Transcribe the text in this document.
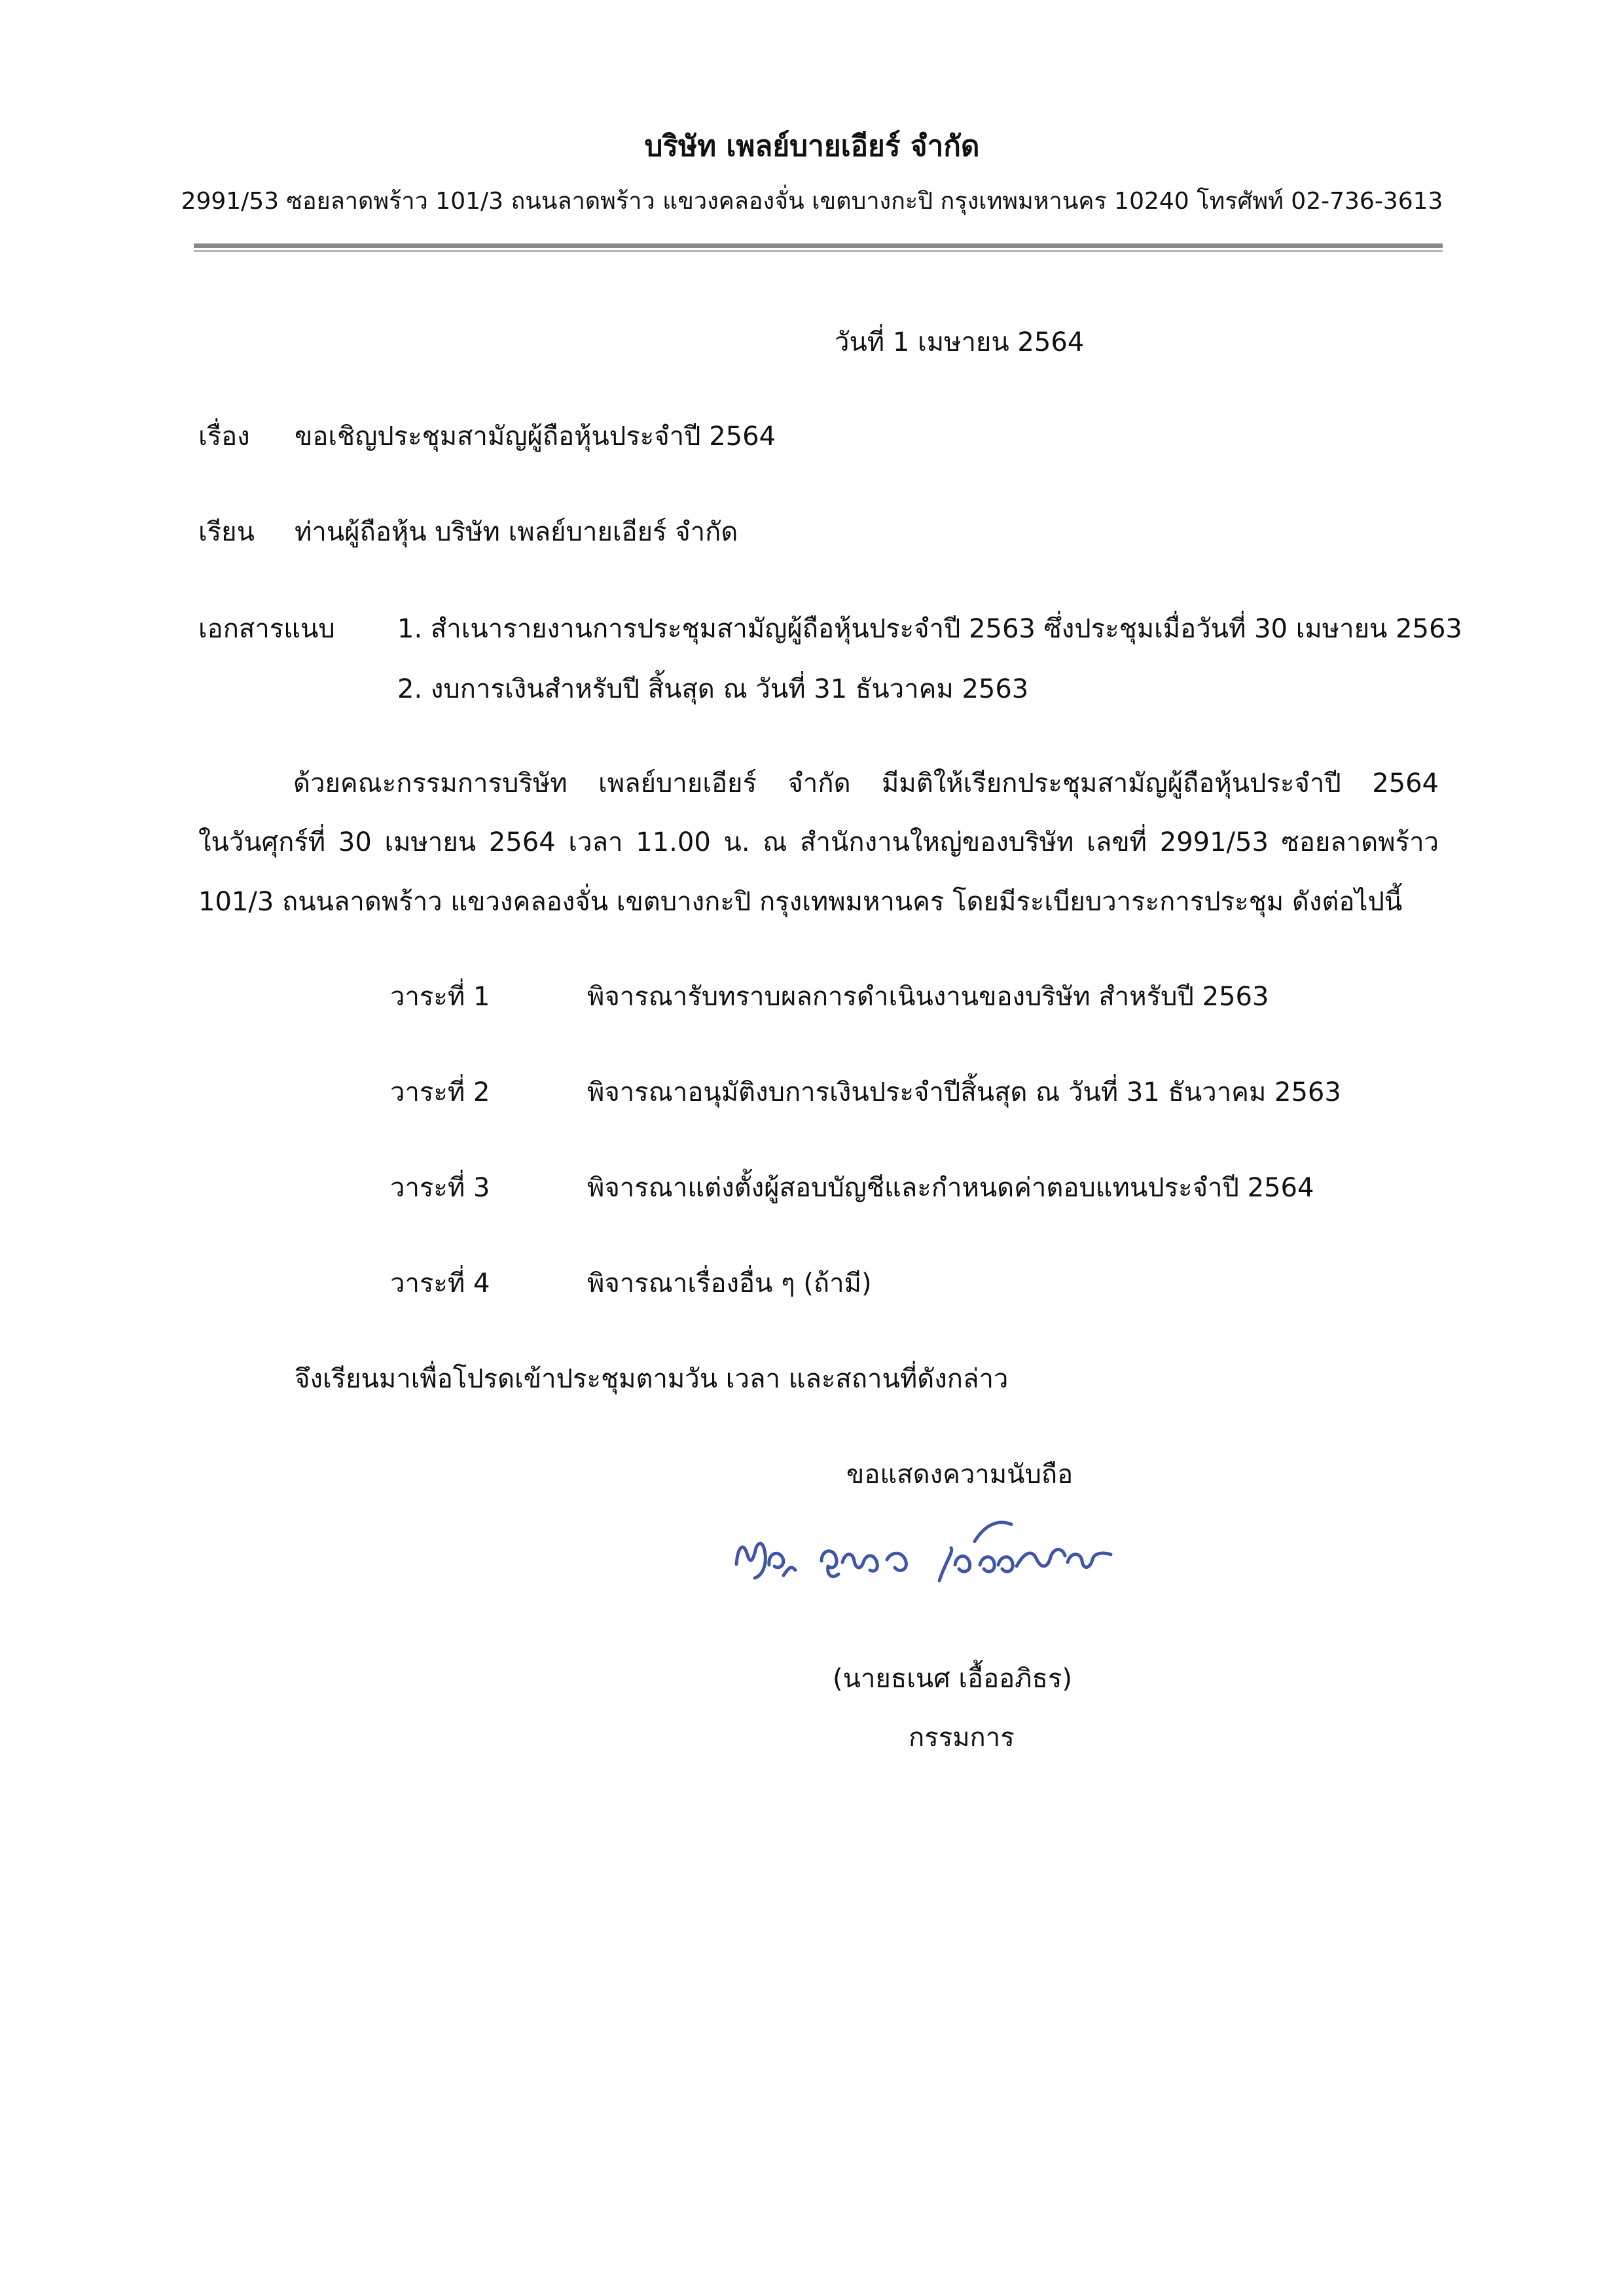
บริษัท เพลย์บายเอียร์ จำกัด
2991/53 ซอยลาดพร้าว 101/3 ถนนลาดพร้าว แขวงคลองจั่น เขตบางกะปิ กรุงเทพมหานคร 10240 โทรศัพท์ 02-736-3613
วันที่ 1 เมษายน 2564
เรื่อง ขอเชิญประชุมสามัญผู้ถือหุ้นประจำปี 2564
เรียน ท่านผู้ถือหุ้น บริษัท เพลย์บายเอียร์ จำกัด
เอกสารแนบ 1. สำเนารายงานการประชุมสามัญผู้ถือหุ้นประจำปี 2563 ซึ่งประชุมเมื่อวันที่ 30 เมษายน 2563
2. งบการเงินสำหรับปี สิ้นสุด ณ วันที่ 31 ธันวาคม 2563
ด้วยคณะกรรมการบริษัท เพลย์บายเอียร์ จำกัด มีมติให้เรียกประชุมสามัญผู้ถือหุ้นประจำปี 2564
ในวันศุกร์ที่ 30 เมษายน 2564 เวลา 11.00 น. ณ สำนักงานใหญ่ของบริษัท เลขที่ 2991/53 ซอยลาดพร้าว
101/3 ถนนลาดพร้าว แขวงคลองจั่น เขตบางกะปิ กรุงเทพมหานคร โดยมีระเบียบวาระการประชุม ดังต่อไปนี้
วาระที่ 1	พิจารณารับทราบผลการดำเนินงานของบริษัท สำหรับปี 2563
วาระที่ 2	พิจารณาอนุมัติงบการเงินประจำปีสิ้นสุด ณ วันที่ 31 ธันวาคม 2563
วาระที่ 3	พิจารณาแต่งตั้งผู้สอบบัญชีและกำหนดค่าตอบแทนประจำปี 2564
วาระที่ 4	พิจารณาเรื่องอื่น ๆ (ถ้ามี)
จึงเรียนมาเพื่อโปรดเข้าประชุมตามวัน เวลา และสถานที่ดังกล่าว
ขอแสดงความนับถือ
(นายธเนศ เอื้ออภิธร)
กรรมการ
